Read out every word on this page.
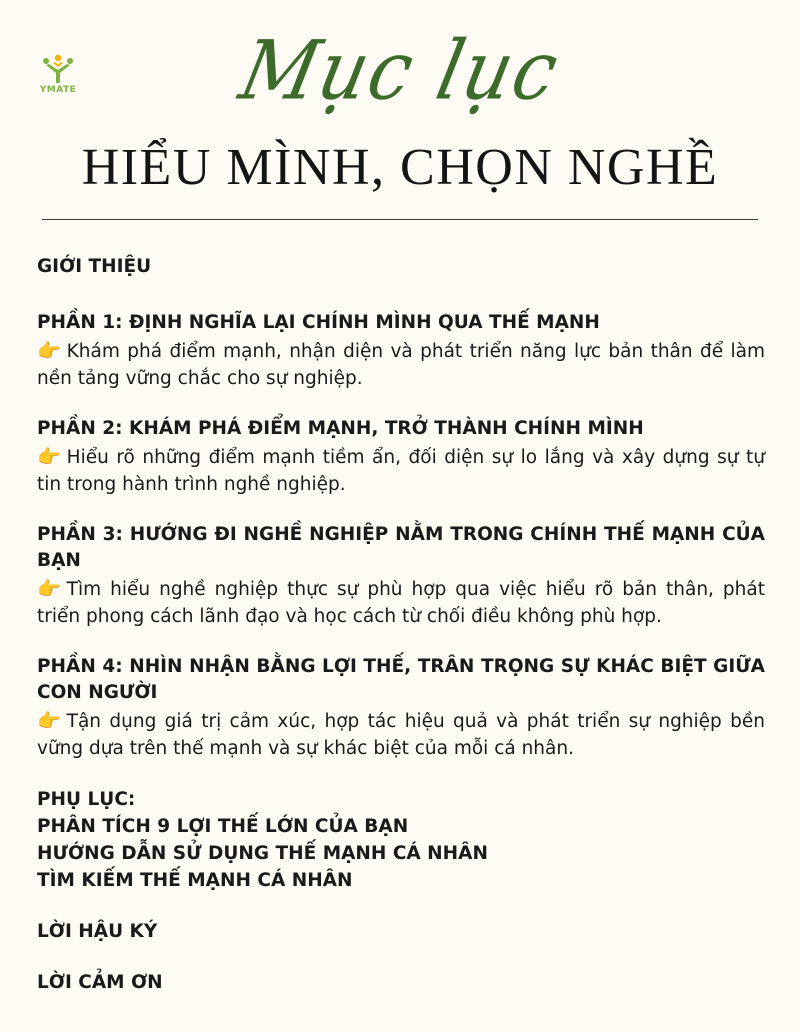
YMATE	Mục lục
HIỂU MÌNH, CHỌN NGHỀ

GIỚI THIỆU

PHẦN 1: ĐỊNH NGHĨA LẠI CHÍNH MÌNH QUA THẾ MẠNH

👉 Khám phá điểm mạnh, nhận diện và phát triển năng lực bản thân để làm nền tảng vững chắc cho sự nghiệp.

PHẦN 2: KHÁM PHÁ ĐIỂM MẠNH, TRỞ THÀNH CHÍNH MÌNH

👉 Hiểu rõ những điểm mạnh tiềm ẩn, đối diện sự lo lắng và xây dựng sự tự tin trong hành trình nghề nghiệp.

PHẦN 3: HƯỚNG ĐI NGHỀ NGHIỆP NẰM TRONG CHÍNH THẾ MẠNH CỦA BẠN

👉 Tìm hiểu nghề nghiệp thực sự phù hợp qua việc hiểu rõ bản thân, phát triển phong cách lãnh đạo và học cách từ chối điều không phù hợp.

PHẦN 4: NHÌN NHẬN BẰNG LỢI THẾ, TRÂN TRỌNG SỰ KHÁC BIỆT GIỮA CON NGƯỜI

👉 Tận dụng giá trị cảm xúc, hợp tác hiệu quả và phát triển sự nghiệp bền vững dựa trên thế mạnh và sự khác biệt của mỗi cá nhân.

PHỤ LỤC:

PHÂN TÍCH 9 LỢI THẾ LỚN CỦA BẠN

HƯỚNG DẪN SỬ DỤNG THẾ MẠNH CÁ NHÂN

TÌM KIẾM THẾ MẠNH CÁ NHÂN

LỜI HẬU KÝ

LỜI CẢM ƠN
